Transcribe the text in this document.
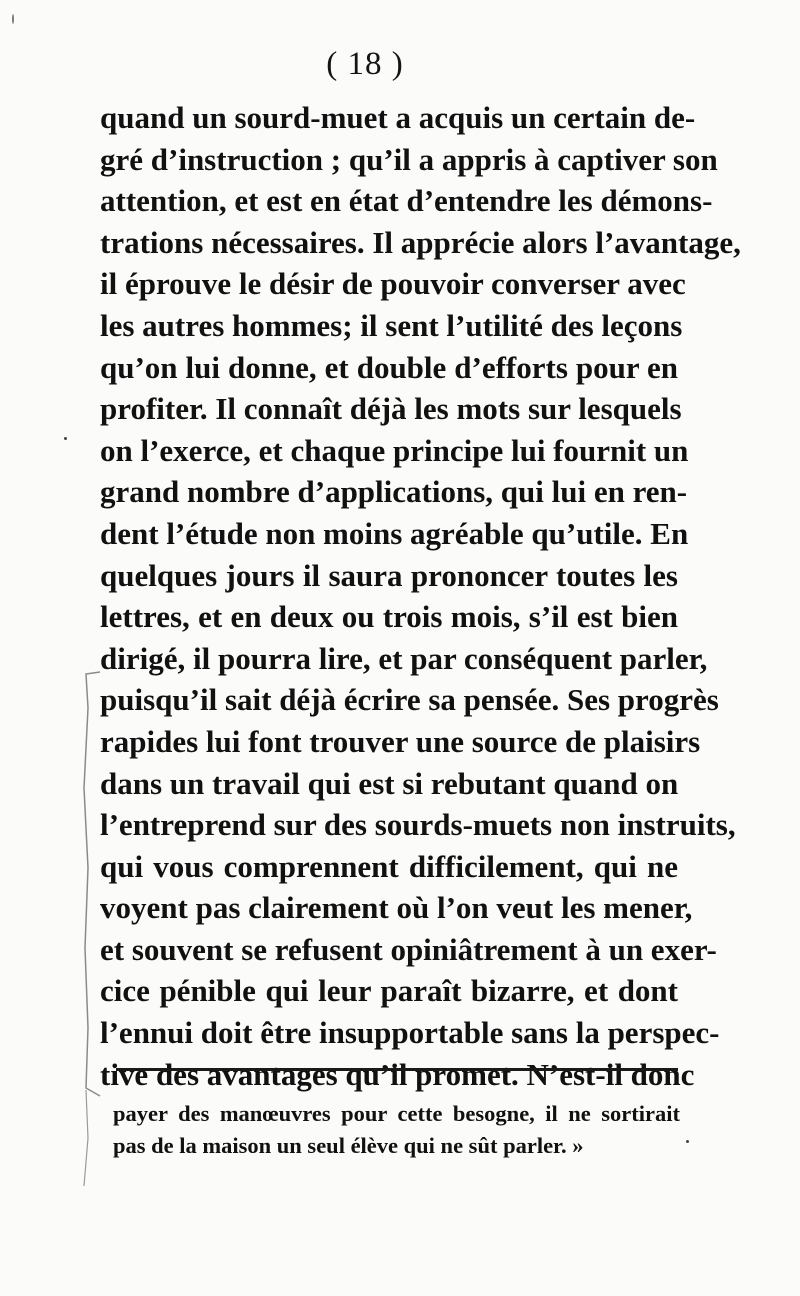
( 18 )
quand un sourd-muet a acquis un certain de-
gré d’instruction ; qu’il a appris à captiver son
attention, et est en état d’entendre les démons-
trations nécessaires. Il apprécie alors l’avantage,
il éprouve le désir de pouvoir converser avec
les autres hommes; il sent l’utilité des leçons
qu’on lui donne, et double d’efforts pour en
profiter. Il connaît déjà les mots sur lesquels
on l’exerce, et chaque principe lui fournit un
grand nombre d’applications, qui lui en ren-
dent l’étude non moins agréable qu’utile. En
quelques jours il saura prononcer toutes les
lettres, et en deux ou trois mois, s’il est bien
dirigé, il pourra lire, et par conséquent parler,
puisqu’il sait déjà écrire sa pensée. Ses progrès
rapides lui font trouver une source de plaisirs
dans un travail qui est si rebutant quand on
l’entreprend sur des sourds-muets non instruits,
qui vous comprennent difficilement, qui ne
voyent pas clairement où l’on veut les mener,
et souvent se refusent opiniâtrement à un exer-
cice pénible qui leur paraît bizarre, et dont
l’ennui doit être insupportable sans la perspec-
tive des avantages qu’il promet. N’est-il donc
payer des manœuvres pour cette besogne, il ne sortirait
pas de la maison un seul élève qui ne sût parler. »
